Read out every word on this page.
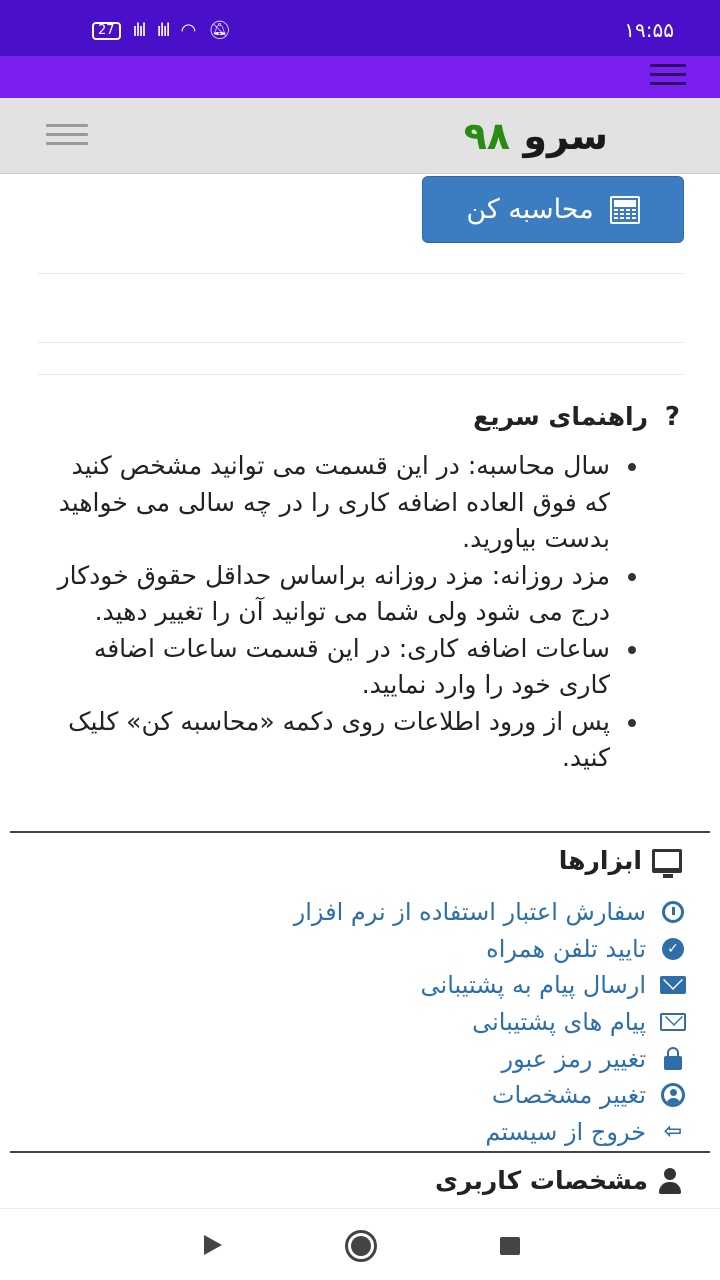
27	ılıl ılıl ◠ 🔕︎	۱۹:۵۵
سرو ۹۸
محاسبه کن
?
راهنمای سریع
سال محاسبه: در این قسمت می توانید مشخص کنید که فوق العاده اضافه کاری را در چه سالی می خواهید بدست بیاورید.
مزد روزانه: مزد روزانه براساس حداقل حقوق خودکار درج می شود ولی شما می توانید آن را تغییر دهید.
ساعات اضافه کاری: در این قسمت ساعات اضافه کاری خود را وارد نمایید.
پس از ورود اطلاعات روی دکمه «محاسبه کن» کلیک کنید.
ابزارها
سفارش اعتبار استفاده از نرم افزار
✓
تایید تلفن همراه
ارسال پیام به پشتیبانی
پیام های پشتیبانی
تغییر رمز عبور
تغییر مشخصات
⇦
خروج از سیستم
مشخصات کاربری
